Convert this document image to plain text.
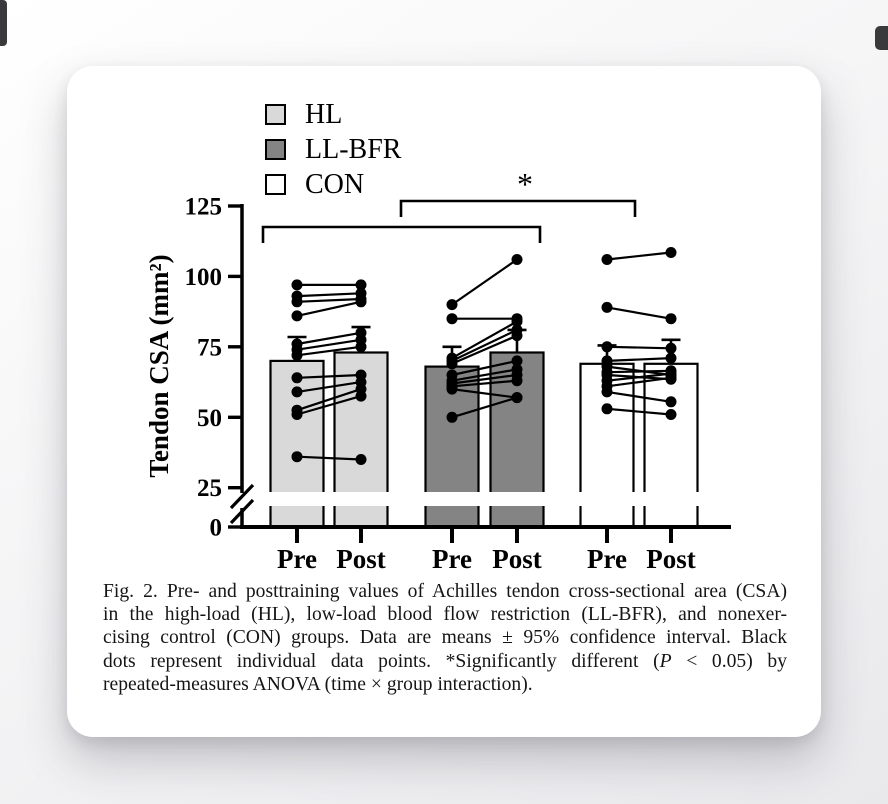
0
25
50
75
100
125
Pre Post Pre Post Pre Post
Tendon CSA (mm²)
*
HL
LL-BFR
CON
Fig. 2. Pre- and posttraining values of Achilles tendon cross-sectional area (CSA)
in the high-load (HL), low-load blood flow restriction (LL-BFR), and nonexer-
cising control (CON) groups. Data are means ± 95% confidence interval. Black
dots represent individual data points. *Significantly different (P < 0.05) by
repeated-measures ANOVA (time × group interaction).
